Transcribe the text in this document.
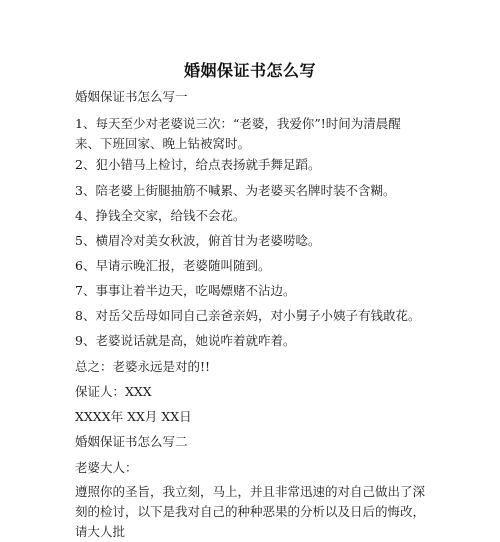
婚姻保证书怎么写
婚姻保证书怎么写一
1、每天至少对老婆说三次：“老婆，我爱你”!时间为清晨醒来、下班回家、晚上钻被窝时。
2、犯小错马上检讨，给点表扬就手舞足蹈。
3、陪老婆上街腿抽筋不喊累、为老婆买名牌时装不含糊。
4、挣钱全交家，给钱不会花。
5、横眉冷对美女秋波，俯首甘为老婆唠唸。
6、早请示晚汇报，老婆随叫随到。
7、事事让着半边天，吃喝嫖赌不沾边。
8、对岳父岳母如同自己亲爸亲妈，对小舅子小姨子有钱敢花。
9、老婆说话就是高，她说咋着就咋着。
总之：老婆永远是对的!!
保证人：XXX
XXXX年 XX月 XX日
婚姻保证书怎么写二
老婆大人：
遵照你的圣旨，我立刻，马上，并且非常迅速的对自己做出了深刻的检讨，以下是我对自己的种种恶果的分析以及日后的悔改，请大人批
